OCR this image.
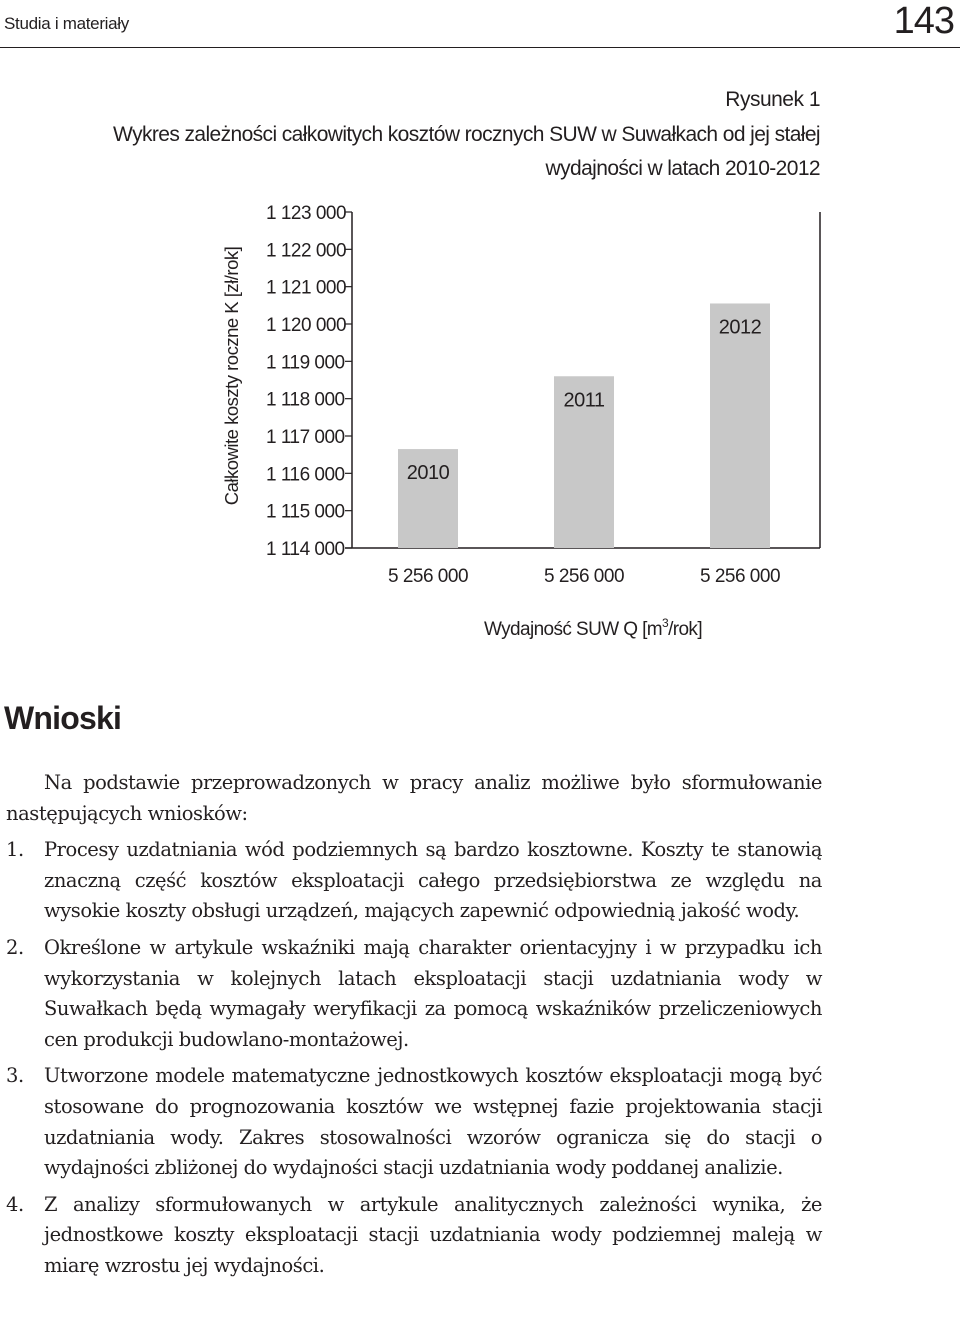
Studia i materiały	143
Rysunek 1
Wykres zależności całkowitych kosztów rocznych SUW w Suwałkach od jej stałej wydajności w latach 2010-2012
1 114 000
1 115 000
1 116 000
1 117 000
1 118 000
1 119 000
1 120 000
1 121 000
1 122 000
1 123 000
2010
2011
2012
5 256 000	5 256 000	5 256 000
Całkowite koszty roczne K [zł/rok]
Wydajność SUW Q $[m^3/rok]$
Wnioski

Na podstawie przeprowadzonych w pracy analiz możliwe było sformułowanie następujących wniosków:

1. Procesy uzdatniania wód podziemnych są bardzo kosztowne. Koszty te stanowią znaczną część kosztów eksploatacji całego przedsiębiorstwa ze względu na wysokie koszty obsługi urządzeń, mających zapewnić odpowiednią jakość wody.

2. Określone w artykule wskaźniki mają charakter orientacyjny i w przypadku ich wykorzystania w kolejnych latach eksploatacji stacji uzdatniania wody w Suwałkach będą wymagały weryfikacji za pomocą wskaźników przeliczeniowych cen produkcji budowlano-montażowej.

3. Utworzone modele matematyczne jednostkowych kosztów eksploatacji mogą być stosowane do prognozowania kosztów we wstępnej fazie projektowania stacji uzdatniania wody. Zakres stosowalności wzorów ogranicza się do stacji o wydajności zbliżonej do wydajności stacji uzdatniania wody poddanej analizie.

4. Z analizy sformułowanych w artykule analitycznych zależności wynika, że jednostkowe koszty eksploatacji stacji uzdatniania wody podziemnej maleją w miarę wzrostu jej wydajności.
